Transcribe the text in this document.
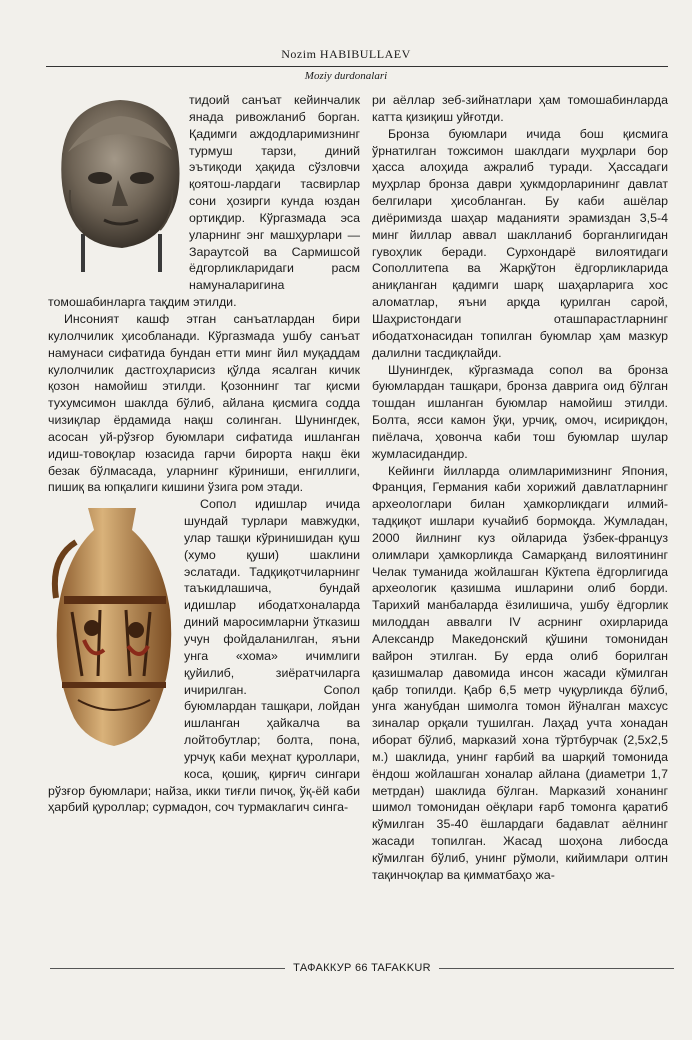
Nozim HABIBULLAEV
Moziy durdonalari

тидоий санъат кейинчалик янада ривожланиб борган. Қадимги аждодларимизнинг турмуш тарзи, диний эътиқоди ҳақида сўзловчи қоятош-лардаги тасвирлар сони ҳозирги кунда юздан ортиқдир. Кўргазмада эса уларнинг энг машҳурлари — Зараутсой ва Сармишсой ёдгорликларидаги расм намуналаригина томошабинларга тақдим этилди.

Инсоният кашф этган санъатлардан бири кулолчилик ҳисобланади. Кўргазмада ушбу санъат намунаси сифатида бундан етти минг йил муқаддам кулолчилик дастгоҳларисиз қўлда ясалган кичик қозон намойиш этилди. Қозоннинг таг қисми тухумсимон шаклда бўлиб, айлана қисмига содда чизиқлар ёрдамида нақш солинган. Шунингдек, асосан уй-рўзғор буюмлари сифатида ишланган идиш-товоқлар юзасида гарчи бирорта нақш ёки безак бўлмасада, уларнинг кўриниши, енгиллиги, пишиқ ва юпқалиги кишини ўзига ром этади.

Сопол идишлар ичида шундай турлари мавжудки, улар ташқи кўринишидан қуш (хумо қуши) шаклини эслатади. Тадқиқотчиларнинг таъкидлашича, бундай идишлар ибодатхоналарда диний маросимларни ўтказиш учун фойдаланилган, яъни унга «хома» ичимлиги қуйилиб, зиёратчиларга ичирилган. Сопол буюмлардан ташқари, лойдан ишланган ҳайкалча ва лойтобутлар; болта, пона, урчуқ каби меҳнат қуроллари, коса, қошиқ, қирғич сингари рўзғор буюмлари; найза, икки тиғли пичоқ, ўқ-ёй каби ҳарбий қуроллар; сурмадон, соч турмаклагич синга-

ри аёллар зеб-зийнатлари ҳам томошабинларда катта қизиқиш уйғотди.

Бронза буюмлари ичида бош қисмига ўрнатилган тожсимон шаклдаги муҳрлари бор ҳасса алоҳида ажралиб туради. Ҳассадаги муҳрлар бронза даври ҳукмдорларининг давлат белгилари ҳисобланган. Бу каби ашёлар диёримизда шаҳар маданияти эрамиздан 3,5-4 минг йиллар аввал шаклланиб борганлигидан гувоҳлик беради. Сурхондарё вилоятидаги Сополлитепа ва Жарқўтон ёдгорликларида аниқланган қадимги шарқ шаҳарларига хос аломатлар, яъни арқда қурилган сарой, Шаҳристондаги оташпарастларнинг ибодатхонасидан топилган буюмлар ҳам мазкур далилни тасдиқлайди.

Шунингдек, кўргазмада сопол ва бронза буюмлардан ташқари, бронза даврига оид бўлган тошдан ишланган буюмлар намойиш этилди. Болта, ясси камон ўқи, урчиқ, омоч, исириқдон, пиёлача, ҳовонча каби тош буюмлар шулар жумласидандир.

Кейинги йилларда олимларимизнинг Япония, Франция, Германия каби хорижий давлатларнинг археологлари билан ҳамкорликдаги илмий-тадқиқот ишлари кучайиб бормоқда. Жумладан, 2000 йилнинг куз ойларида ўзбек-француз олимлари ҳамкорликда Самарқанд вилоятининг Челак туманида жойлашган Кўктепа ёдгорлигида археологик қазишма ишларини олиб борди. Тарихий манбаларда ёзилишича, ушбу ёдгорлик милоддан аввалги IV асрнинг охирларида Александр Македонский қўшини томонидан вайрон этилган. Бу ерда олиб борилган қазишмалар давомида инсон жасади кўмилган қабр топилди. Қабр 6,5 метр чуқурликда бўлиб, унга жанубдан шимолга томон йўналган махсус зиналар орқали тушилган. Лаҳад учта хонадан иборат бўлиб, марказий хона тўртбурчак (2,5х2,5 м.) шаклида, унинг ғарбий ва шарқий томонида ёндош жойлашган хоналар айлана (диаметри 1,7 метрдан) шаклида бўлган. Марказий хонанинг шимол томонидан оёқлари ғарб томонга қаратиб кўмилган 35-40 ёшлардаги бадавлат аёлнинг жасади топилган. Жасад шоҳона либосда кўмилган бўлиб, унинг рўмоли, кийимлари олтин тақинчоқлар ва қимматбаҳо жа-

ТАФАККУР 66 TAFAKKUR
